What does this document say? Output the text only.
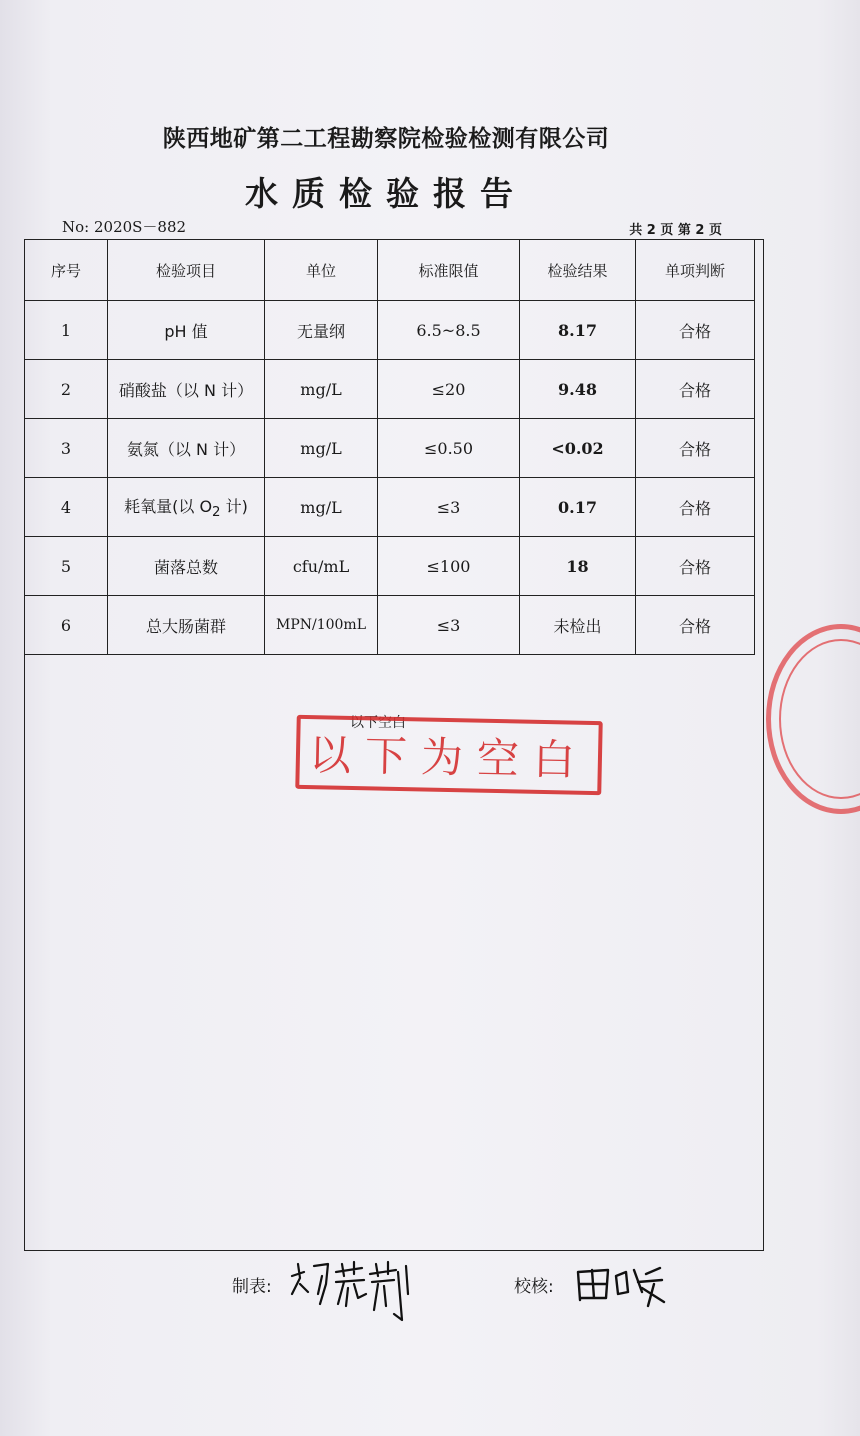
陕西地矿第二工程勘察院检验检测有限公司
水质检验报告
No: 2020S－882	共 2 页 第 2 页
序号	检验项目	单位	标准限值	检验结果	单项判断
1	pH 值	无量纲	6.5~8.5	8.17	合格
2	硝酸盐（以 N 计）	mg/L	≤20	9.48	合格
3	氨氮（以 N 计）	mg/L	≤0.50	<0.02	合格
4	耗氧量(以 $O_2$ 计)	mg/L	≤3	0.17	合格
5	菌落总数	cfu/mL	≤100	18	合格
6	总大肠菌群	MPN/100mL	≤3	未检出	合格
以下空白
以下为空白
制表:	校核:
